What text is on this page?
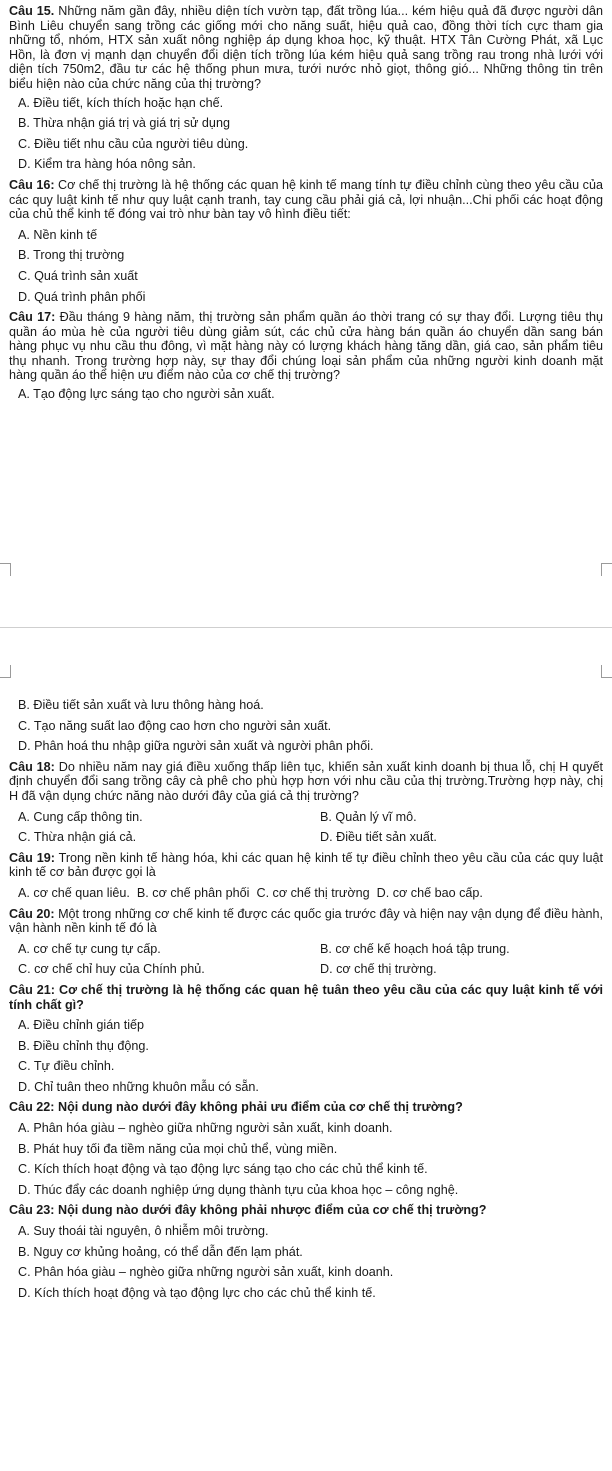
Câu 15. Những năm gần đây, nhiều diện tích vườn tạp, đất trồng lúa... kém hiệu quả đã được người dân Bình Liêu chuyển sang trồng các giống mới cho năng suất, hiệu quả cao, đồng thời tích cực tham gia những tổ, nhóm, HTX sản xuất nông nghiệp áp dụng khoa học, kỹ thuật. HTX Tân Cường Phát, xã Lục Hồn, là đơn vị mạnh dạn chuyển đổi diện tích trồng lúa kém hiệu quả sang trồng rau trong nhà lưới với diện tích 750m2, đầu tư các hệ thống phun mưa, tưới nước nhỏ giọt, thông gió... Những thông tin trên biểu hiện nào của chức năng của thị trường?

A. Điều tiết, kích thích hoặc hạn chế.

B. Thừa nhận giá trị và giá trị sử dụng

C. Điều tiết nhu cầu của người tiêu dùng.

D. Kiểm tra hàng hóa nông sản.

Câu 16: Cơ chế thị trường là hệ thống các quan hệ kinh tế mang tính tự điều chỉnh cùng theo yêu cầu của các quy luật kinh tế như quy luật cạnh tranh, tay cung cầu phải giá cả, lợi nhuận...Chi phối các hoạt động của chủ thể kinh tế đóng vai trò như bàn tay vô hình điều tiết:

A. Nền kinh tế

B. Trong thị trường

C. Quá trình sản xuất

D. Quá trình phân phối

Câu 17: Đầu tháng 9 hàng năm, thị trường sản phẩm quần áo thời trang có sự thay đổi. Lượng tiêu thụ quần áo mùa hè của người tiêu dùng giảm sút, các chủ cửa hàng bán quần áo chuyển dần sang bán hàng phục vụ nhu cầu thu đông, vì mặt hàng này có lượng khách hàng tăng dần, giá cao, sản phẩm tiêu thụ nhanh. Trong trường hợp này, sự thay đổi chúng loại sản phẩm của những người kinh doanh mặt hàng quần áo thể hiện ưu điểm nào của cơ chế thị trường?

A. Tạo động lực sáng tạo cho người sản xuất.

B. Điều tiết sản xuất và lưu thông hàng hoá.

C. Tạo năng suất lao động cao hơn cho người sản xuất.

D. Phân hoá thu nhập giữa người sản xuất và người phân phối.

Câu 18: Do nhiều năm nay giá điều xuống thấp liên tục, khiến sản xuất kinh doanh bị thua lỗ, chị H quyết định chuyển đổi sang trồng cây cà phê cho phù hợp hơn với nhu cầu của thị trường.Trường hợp này, chị H đã vận dụng chức năng nào dưới đây của giá cả thị trường?

A. Cung cấp thông tin.	B. Quản lý vĩ mô.
C. Thừa nhận giá cả.	D. Điều tiết sản xuất.

Câu 19: Trong nền kinh tế hàng hóa, khi các quan hệ kinh tế tự điều chỉnh theo yêu cầu của các quy luật kinh tế cơ bản được gọi là

A. cơ chế quan liêu. B. cơ chế phân phối C. cơ chế thị trường D. cơ chế bao cấp.

Câu 20: Một trong những cơ chế kinh tế được các quốc gia trước đây và hiện nay vận dụng để điều hành, vận hành nền kinh tế đó là

A. cơ chế tự cung tự cấp.	B. cơ chế kế hoạch hoá tập trung.
C. cơ chế chỉ huy của Chính phủ.	D. cơ chế thị trường.

Câu 21: Cơ chế thị trường là hệ thống các quan hệ tuân theo yêu cầu của các quy luật kinh tế với tính chất gì?

A. Điều chỉnh gián tiếp

B. Điều chỉnh thụ động.

C. Tự điều chỉnh.

D. Chỉ tuân theo những khuôn mẫu có sẵn.

Câu 22: Nội dung nào dưới đây không phải ưu điểm của cơ chế thị trường?

A. Phân hóa giàu – nghèo giữa những người sản xuất, kinh doanh.

B. Phát huy tối đa tiềm năng của mọi chủ thể, vùng miền.

C. Kích thích hoạt động và tạo động lực sáng tạo cho các chủ thể kinh tế.

D. Thúc đẩy các doanh nghiệp ứng dụng thành tựu của khoa học – công nghệ.

Câu 23: Nội dung nào dưới đây không phải nhược điểm của cơ chế thị trường?

A. Suy thoái tài nguyên, ô nhiễm môi trường.

B. Nguy cơ khủng hoảng, có thể dẫn đến lạm phát.

C. Phân hóa giàu – nghèo giữa những người sản xuất, kinh doanh.

D. Kích thích hoạt động và tạo động lực cho các chủ thể kinh tế.
